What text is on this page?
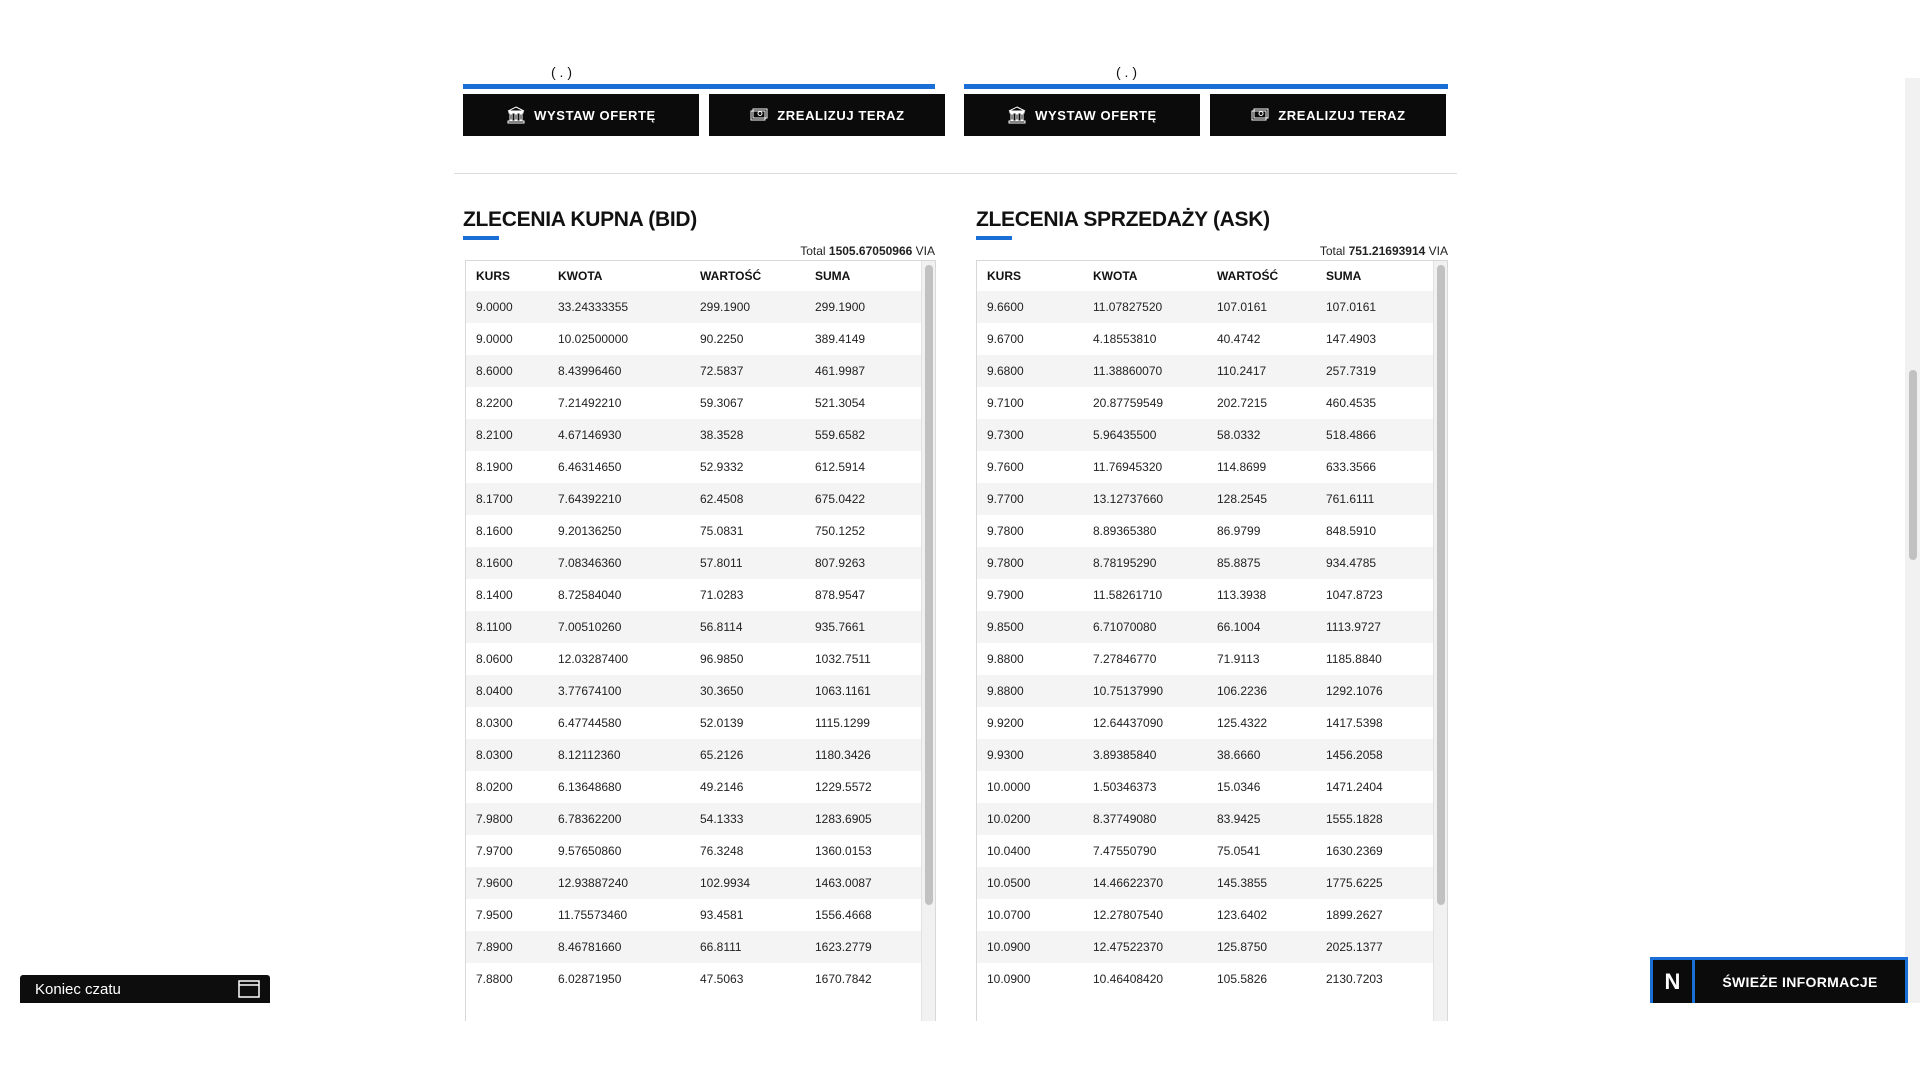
( . )
WYSTAW OFERTĘ	ZREALIZUJ TERAZ
( . )
WYSTAW OFERTĘ	ZREALIZUJ TERAZ
ZLECENIA KUPNA (BID)
Total 1505.67050966 VIA
KURS	KWOTA	WARTOŚĆ	SUMA
9.0000	33.24333355	299.1900	299.1900
9.0000	10.02500000	90.2250	389.4149
8.6000	8.43996460	72.5837	461.9987
8.2200	7.21492210	59.3067	521.3054
8.2100	4.67146930	38.3528	559.6582
8.1900	6.46314650	52.9332	612.5914
8.1700	7.64392210	62.4508	675.0422
8.1600	9.20136250	75.0831	750.1252
8.1600	7.08346360	57.8011	807.9263
8.1400	8.72584040	71.0283	878.9547
8.1100	7.00510260	56.8114	935.7661
8.0600	12.03287400	96.9850	1032.7511
8.0400	3.77674100	30.3650	1063.1161
8.0300	6.47744580	52.0139	1115.1299
8.0300	8.12112360	65.2126	1180.3426
8.0200	6.13648680	49.2146	1229.5572
7.9800	6.78362200	54.1333	1283.6905
7.9700	9.57650860	76.3248	1360.0153
7.9600	12.93887240	102.9934	1463.0087
7.9500	11.75573460	93.4581	1556.4668
7.8900	8.46781660	66.8111	1623.2779
7.8800	6.02871950	47.5063	1670.7842
ZLECENIA SPRZEDAŻY (ASK)
Total 751.21693914 VIA
KURS	KWOTA	WARTOŚĆ	SUMA
9.6600	11.07827520	107.0161	107.0161
9.6700	4.18553810	40.4742	147.4903
9.6800	11.38860070	110.2417	257.7319
9.7100	20.87759549	202.7215	460.4535
9.7300	5.96435500	58.0332	518.4866
9.7600	11.76945320	114.8699	633.3566
9.7700	13.12737660	128.2545	761.6111
9.7800	8.89365380	86.9799	848.5910
9.7800	8.78195290	85.8875	934.4785
9.7900	11.58261710	113.3938	1047.8723
9.8500	6.71070080	66.1004	1113.9727
9.8800	7.27846770	71.9113	1185.8840
9.8800	10.75137990	106.2236	1292.1076
9.9200	12.64437090	125.4322	1417.5398
9.9300	3.89385840	38.6660	1456.2058
10.0000	1.50346373	15.0346	1471.2404
10.0200	8.37749080	83.9425	1555.1828
10.0400	7.47550790	75.0541	1630.2369
10.0500	14.46622370	145.3855	1775.6225
10.0700	12.27807540	123.6402	1899.2627
10.0900	12.47522370	125.8750	2025.1377
10.0900	10.46408420	105.5826	2130.7203
Koniec czatu	N	ŚWIEŻE INFORMACJE
